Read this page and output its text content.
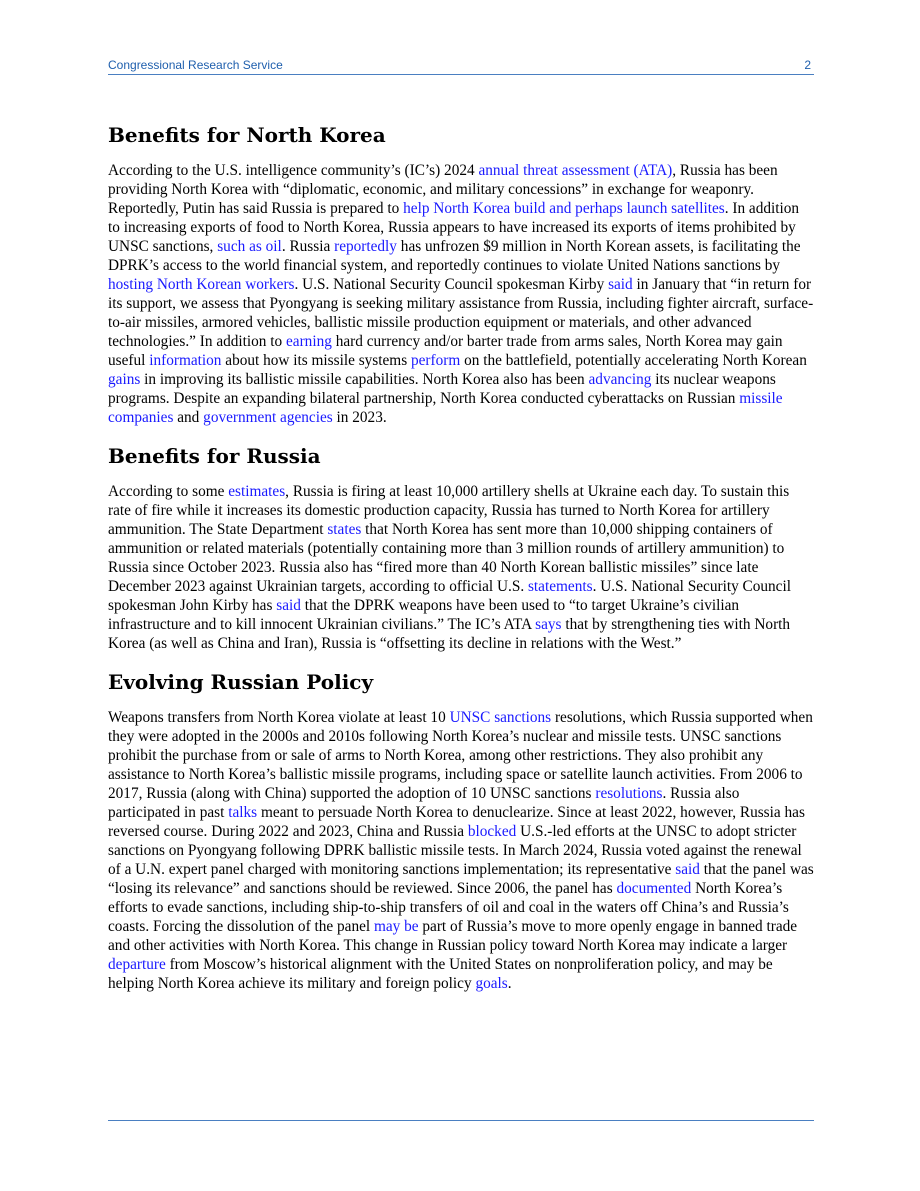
Congressional Research Service	2
Benefits for North Korea

According to the U.S. intelligence community’s (IC’s) 2024 annual threat assessment (ATA), Russia has been providing North Korea with “diplomatic, economic, and military concessions” in exchange for weaponry. Reportedly, Putin has said Russia is prepared to help North Korea build and perhaps launch satellites. In addition to increasing exports of food to North Korea, Russia appears to have increased its exports of items prohibited by UNSC sanctions, such as oil. Russia reportedly has unfrozen $9 million in North Korean assets, is facilitating the DPRK’s access to the world financial system, and reportedly continues to violate United Nations sanctions by hosting North Korean workers. U.S. National Security Council spokesman Kirby said in January that “in return for its support, we assess that Pyongyang is seeking military assistance from Russia, including fighter aircraft, surface-to-air missiles, armored vehicles, ballistic missile production equipment or materials, and other advanced technologies.” In addition to earning hard currency and/or barter trade from arms sales, North Korea may gain useful information about how its missile systems perform on the battlefield, potentially accelerating North Korean gains in improving its ballistic missile capabilities. North Korea also has been advancing its nuclear weapons programs. Despite an expanding bilateral partnership, North Korea conducted cyberattacks on Russian missile companies and government agencies in 2023.

Benefits for Russia

According to some estimates, Russia is firing at least 10,000 artillery shells at Ukraine each day. To sustain this rate of fire while it increases its domestic production capacity, Russia has turned to North Korea for artillery ammunition. The State Department states that North Korea has sent more than 10,000 shipping containers of ammunition or related materials (potentially containing more than 3 million rounds of artillery ammunition) to Russia since October 2023. Russia also has “fired more than 40 North Korean ballistic missiles” since late December 2023 against Ukrainian targets, according to official U.S. statements. U.S. National Security Council spokesman John Kirby has said that the DPRK weapons have been used to “to target Ukraine’s civilian infrastructure and to kill innocent Ukrainian civilians.” The IC’s ATA says that by strengthening ties with North Korea (as well as China and Iran), Russia is “offsetting its decline in relations with the West.”

Evolving Russian Policy

Weapons transfers from North Korea violate at least 10 UNSC sanctions resolutions, which Russia supported when they were adopted in the 2000s and 2010s following North Korea’s nuclear and missile tests. UNSC sanctions prohibit the purchase from or sale of arms to North Korea, among other restrictions. They also prohibit any assistance to North Korea’s ballistic missile programs, including space or satellite launch activities. From 2006 to 2017, Russia (along with China) supported the adoption of 10 UNSC sanctions resolutions. Russia also participated in past talks meant to persuade North Korea to denuclearize. Since at least 2022, however, Russia has reversed course. During 2022 and 2023, China and Russia blocked U.S.-led efforts at the UNSC to adopt stricter sanctions on Pyongyang following DPRK ballistic missile tests. In March 2024, Russia voted against the renewal of a U.N. expert panel charged with monitoring sanctions implementation; its representative said that the panel was “losing its relevance” and sanctions should be reviewed. Since 2006, the panel has documented North Korea’s efforts to evade sanctions, including ship-to-ship transfers of oil and coal in the waters off China’s and Russia’s coasts. Forcing the dissolution of the panel may be part of Russia’s move to more openly engage in banned trade and other activities with North Korea. This change in Russian policy toward North Korea may indicate a larger departure from Moscow’s historical alignment with the United States on nonproliferation policy, and may be helping North Korea achieve its military and foreign policy goals.
